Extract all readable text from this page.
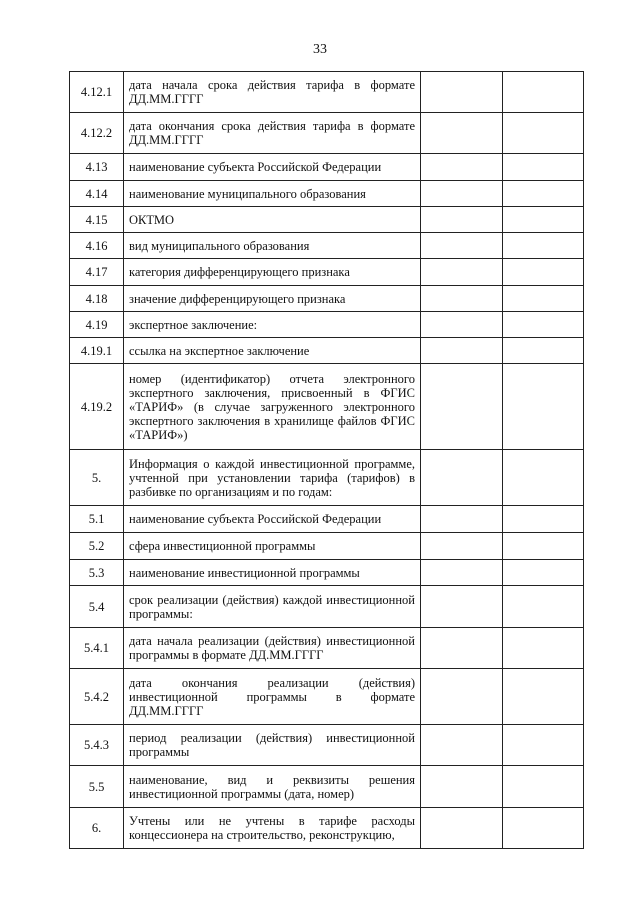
33
4.12.1	дата начала срока действия тарифа в формате ДД.ММ.ГГГГ		
4.12.2	дата окончания срока действия тарифа в формате ДД.ММ.ГГГГ		
4.13	наименование субъекта Российской Федерации		
4.14	наименование муниципального образования		
4.15	ОКТМО		
4.16	вид муниципального образования		
4.17	категория дифференцирующего признака		
4.18	значение дифференцирующего признака		
4.19	экспертное заключение:		
4.19.1	ссылка на экспертное заключение		
4.19.2	номер (идентификатор) отчета электронного экспертного заключения, присвоенный в ФГИС «ТАРИФ» (в случае загруженного электронного экспертного заключения в хранилище файлов ФГИС «ТАРИФ»)		
5.	Информация о каждой инвестиционной программе, учтенной при установлении тарифа (тарифов) в разбивке по организациям и по годам:		
5.1	наименование субъекта Российской Федерации		
5.2	сфера инвестиционной программы		
5.3	наименование инвестиционной программы		
5.4	срок реализации (действия) каждой инвестиционной программы:		
5.4.1	дата начала реализации (действия) инвестиционной программы в формате ДД.ММ.ГГГГ		
5.4.2	дата окончания реализации (действия) инвестиционной программы в формате ДД.ММ.ГГГГ		
5.4.3	период реализации (действия) инвестиционной программы		
5.5	наименование, вид и реквизиты решения инвестиционной программы (дата, номер)		
6.	Учтены или не учтены в тарифе расходы концессионера на строительство, реконструкцию,		
